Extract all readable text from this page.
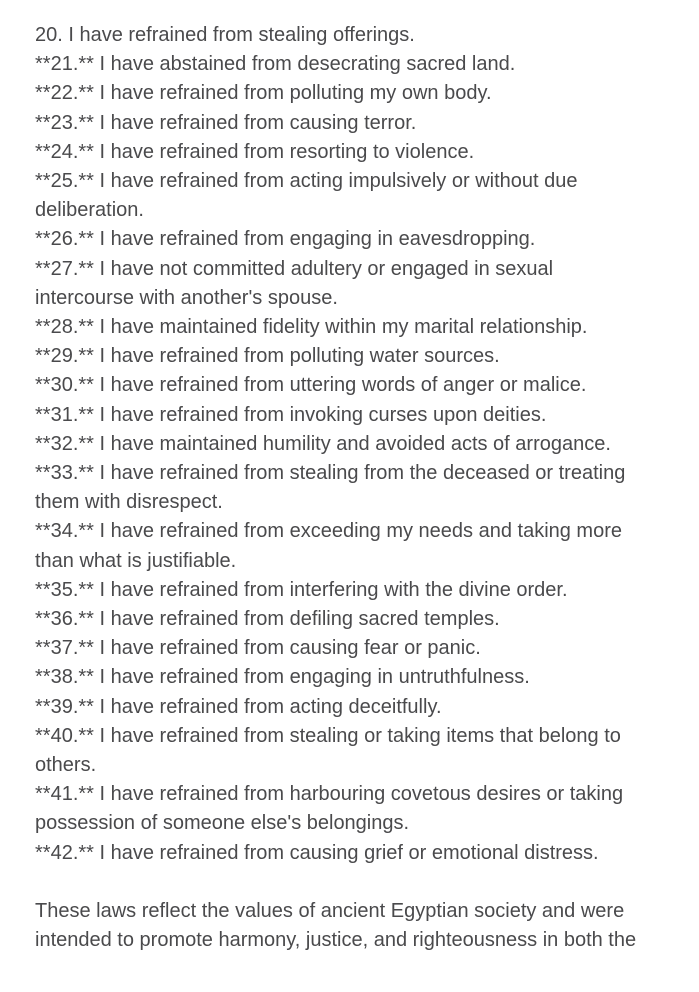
20. I have refrained from stealing offerings.

**21.** I have abstained from desecrating sacred land.

**22.** I have refrained from polluting my own body.

**23.** I have refrained from causing terror.

**24.** I have refrained from resorting to violence.

**25.** I have refrained from acting impulsively or without due deliberation.

**26.** I have refrained from engaging in eavesdropping.

**27.** I have not committed adultery or engaged in sexual intercourse with another's spouse.

**28.** I have maintained fidelity within my marital relationship.

**29.** I have refrained from polluting water sources.

**30.** I have refrained from uttering words of anger or malice.

**31.** I have refrained from invoking curses upon deities.

**32.** I have maintained humility and avoided acts of arrogance.

**33.** I have refrained from stealing from the deceased or treating them with disrespect.

**34.** I have refrained from exceeding my needs and taking more than what is justifiable.

**35.** I have refrained from interfering with the divine order.

**36.** I have refrained from defiling sacred temples.

**37.** I have refrained from causing fear or panic.

**38.** I have refrained from engaging in untruthfulness.

**39.** I have refrained from acting deceitfully.

**40.** I have refrained from stealing or taking items that belong to others.

**41.** I have refrained from harbouring covetous desires or taking possession of someone else's belongings.

**42.** I have refrained from causing grief or emotional distress.

These laws reflect the values of ancient Egyptian society and were intended to promote harmony, justice, and righteousness in both the
